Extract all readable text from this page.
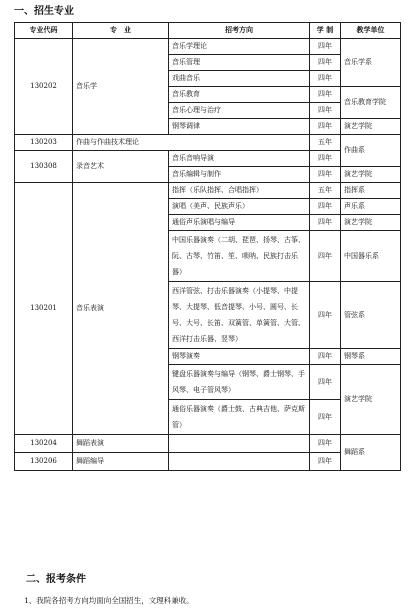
一、招生专业
专业代码	专　业	招考方向	学 制	教学单位
130202	音乐学	音乐学理论	四年	音乐学系
		音乐管理	四年	
		戏曲音乐	四年	
		音乐教育	四年	音乐教育学院
		音乐心理与治疗	四年	
		钢琴调律	四年	演艺学院
130203	作曲与作曲技术理论		五年	作曲系
130308	录音艺术	音乐音响导演	四年	
		音乐编辑与制作	四年	演艺学院
130201	音乐表演	指挥（乐队指挥、合唱指挥）	五年	指挥系
		演唱（美声、民族声乐）	四年	声乐系
		通俗声乐演唱与编导	四年	演艺学院
		中国乐器演奏（二胡、琵琶、扬琴、古筝、阮、古琴、竹笛、笙、唢呐、民族打击乐器）	四年	中国器乐系
		西洋管弦、打击乐器演奏（小提琴、中提琴、大提琴、低音提琴、小号、圆号、长号、大号、长笛、双簧管、单簧管、大管、西洋打击乐器、竖琴）	四年	管弦系
		钢琴演奏	四年	钢琴系
		键盘乐器演奏与编导（钢琴、爵士钢琴、手风琴、电子管风琴）	四年	演艺学院
		通俗乐器演奏（爵士鼓、古典吉他、萨克斯管）	四年	
130204	舞蹈表演		四年	舞蹈系
130206	舞蹈编导		四年	
二、报考条件
1、我院各招考方向均面向全国招生，文理科兼收。
